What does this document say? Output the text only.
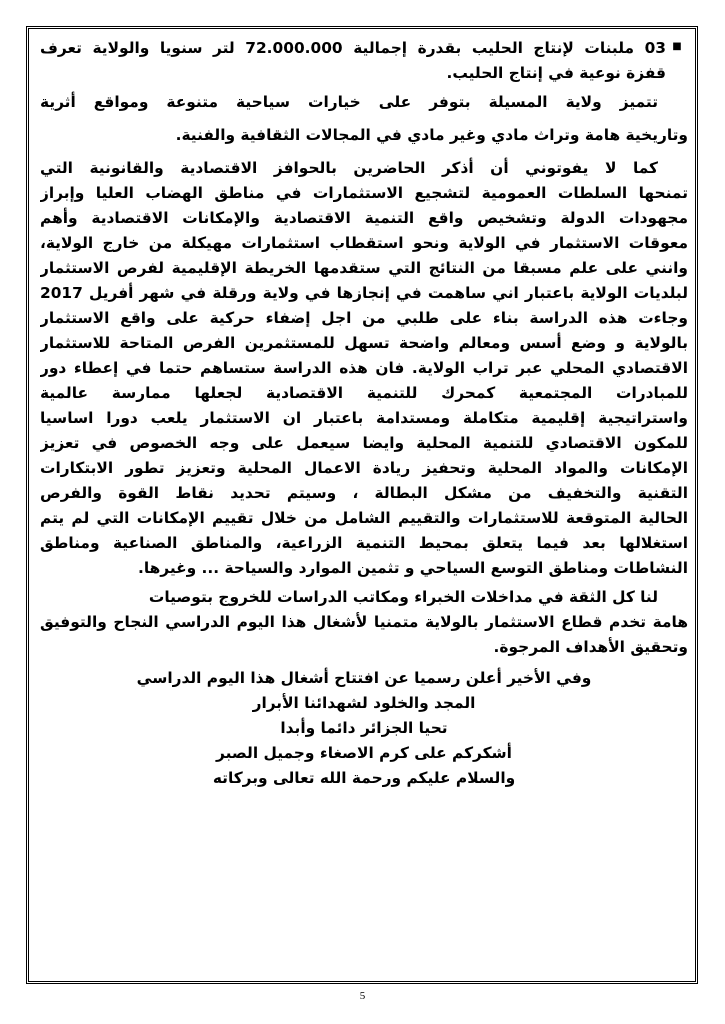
■
03 ملبنات لإنتاج الحليب بقدرة إجمالية 72.000.000 لتر سنويا والولاية تعرف
قفزة نوعية في إنتاج الحليب.
تتميز ولاية المسيلة بتوفر على خيارات سياحية متنوعة ومواقع أثرية
وتاريخية هامة وتراث مادي وغير مادي في المجالات الثقافية والفنية.
كما لا يفوتوني أن أذكر الحاضرين بالحوافز الاقتصادية والقانونية التي
تمنحها السلطات العمومية لتشجيع الاستثمارات في مناطق الهضاب العليا وإبراز
مجهودات الدولة وتشخيص واقع التنمية الاقتصادية والإمكانات الاقتصادية وأهم
معوقات الاستثمار في الولاية ونحو استقطاب استثمارات مهيكلة من خارج الولاية،
وانني على علم مسبقا من النتائج التي ستقدمها الخريطة الإقليمية لفرص الاستثمار
لبلديات الولاية باعتبار اني ساهمت في إنجازها في ولاية ورقلة في شهر أفريل 2017
وجاءت هذه الدراسة بناء على طلبي من اجل إضفاء حركية على واقع الاستثمار
بالولاية و وضع أسس ومعالم واضحة تسهل للمستثمرين الفرص المتاحة للاستثمار
الاقتصادي المحلي عبر تراب الولاية. فان هذه الدراسة ستساهم حتما في إعطاء دور
للمبادرات المجتمعية كمحرك للتنمية الاقتصادية لجعلها ممارسة عالمية
واستراتيجية إقليمية متكاملة ومستدامة باعتبار ان الاستثمار يلعب دورا اساسيا
للمكون الاقتصادي للتنمية المحلية وايضا سيعمل على وجه الخصوص في تعزيز
الإمكانات والمواد المحلية وتحفيز ريادة الاعمال المحلية وتعزيز تطور الابتكارات
التقنية والتخفيف من مشكل البطالة ، وسيتم تحديد نقاط القوة والفرص
الحالية المتوقعة للاستثمارات والتقييم الشامل من خلال تقييم الإمكانات التي لم يتم
استغلالها بعد فيما يتعلق بمحيط التنمية الزراعية، والمناطق الصناعية ومناطق
النشاطات ومناطق التوسع السياحي و تثمين الموارد والسياحة ... وغيرها.
لنا كل الثقة في مداخلات الخبراء ومكاتب الدراسات للخروج بتوصيات
هامة تخدم قطاع الاستثمار بالولاية متمنيا لأشغال هذا اليوم الدراسي النجاح والتوفيق
وتحقيق الأهداف المرجوة.
وفي الأخير أعلن رسميا عن افتتاح أشغال هذا اليوم الدراسي
المجد والخلود لشهدائنا الأبرار
تحيا الجزائر دائما وأبدا
أشكركم على كرم الاصغاء وجميل الصبر
والسلام عليكم ورحمة الله تعالى وبركاته
5
